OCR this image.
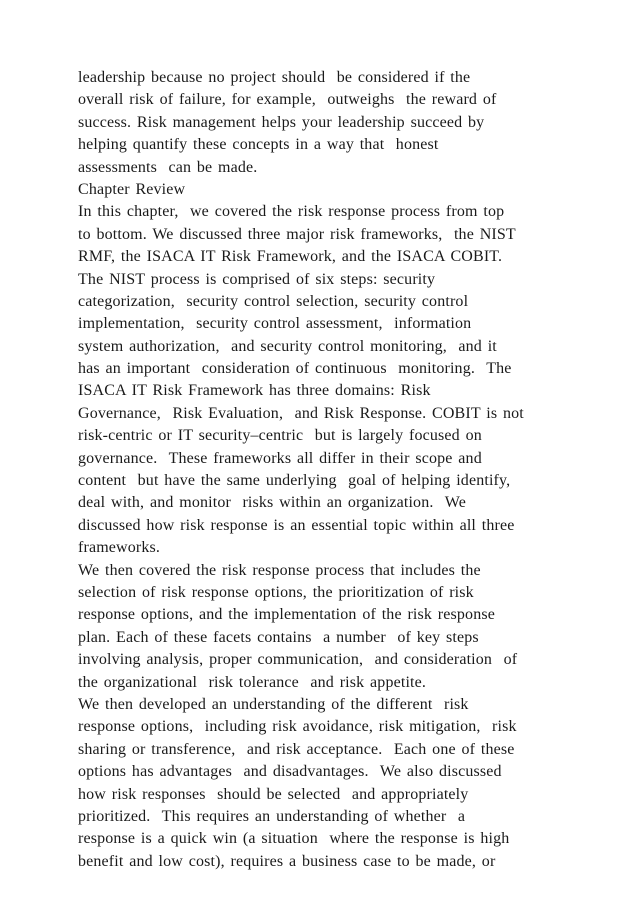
leadership because no project should  be considered if the
overall risk of failure, for example,  outweighs  the reward of
success. Risk management helps your leadership succeed by
helping quantify these concepts in a way that  honest
assessments  can be made.
Chapter Review
In this chapter,  we covered the risk response process from top
to bottom. We discussed three major risk frameworks,  the NIST
RMF, the ISACA IT Risk Framework, and the ISACA COBIT.
The NIST process is comprised of six steps: security
categorization,  security control selection, security control
implementation,  security control assessment,  information
system authorization,  and security control monitoring,  and it
has an important  consideration of continuous  monitoring.  The
ISACA IT Risk Framework has three domains: Risk
Governance,  Risk Evaluation,  and Risk Response. COBIT is not
risk-centric or IT security–centric  but is largely focused on
governance.  These frameworks all differ in their scope and
content  but have the same underlying  goal of helping identify,
deal with, and monitor  risks within an organization.  We
discussed how risk response is an essential topic within all three
frameworks.
We then covered the risk response process that includes the
selection of risk response options, the prioritization of risk
response options, and the implementation of the risk response
plan. Each of these facets contains  a number  of key steps
involving analysis, proper communication,  and consideration  of
the organizational  risk tolerance  and risk appetite.
We then developed an understanding of the different  risk
response options,  including risk avoidance, risk mitigation,  risk
sharing or transference,  and risk acceptance.  Each one of these
options has advantages  and disadvantages.  We also discussed
how risk responses  should be selected  and appropriately
prioritized.  This requires an understanding of whether  a
response is a quick win (a situation  where the response is high
benefit and low cost), requires a business case to be made, or
